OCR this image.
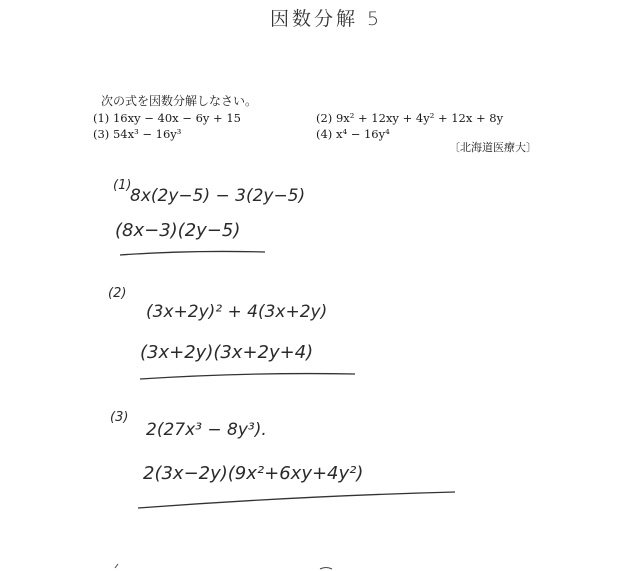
因数分解 5
次の式を因数分解しなさい。
(1) 16xy − 40x − 6y + 15	(2) 9x² + 12xy + 4y² + 12x + 8y
(3) 54x³ − 16y³	(4) x⁴ − 16y⁴
〔北海道医療大〕
(1)
8x(2y−5) − 3(2y−5)
(8x−3)(2y−5)
(2)
(3x+2y)² + 4(3x+2y)
(3x+2y)(3x+2y+4)
(3)
2(27x³ − 8y³).
2(3x−2y)(9x²+6xy+4y²)
